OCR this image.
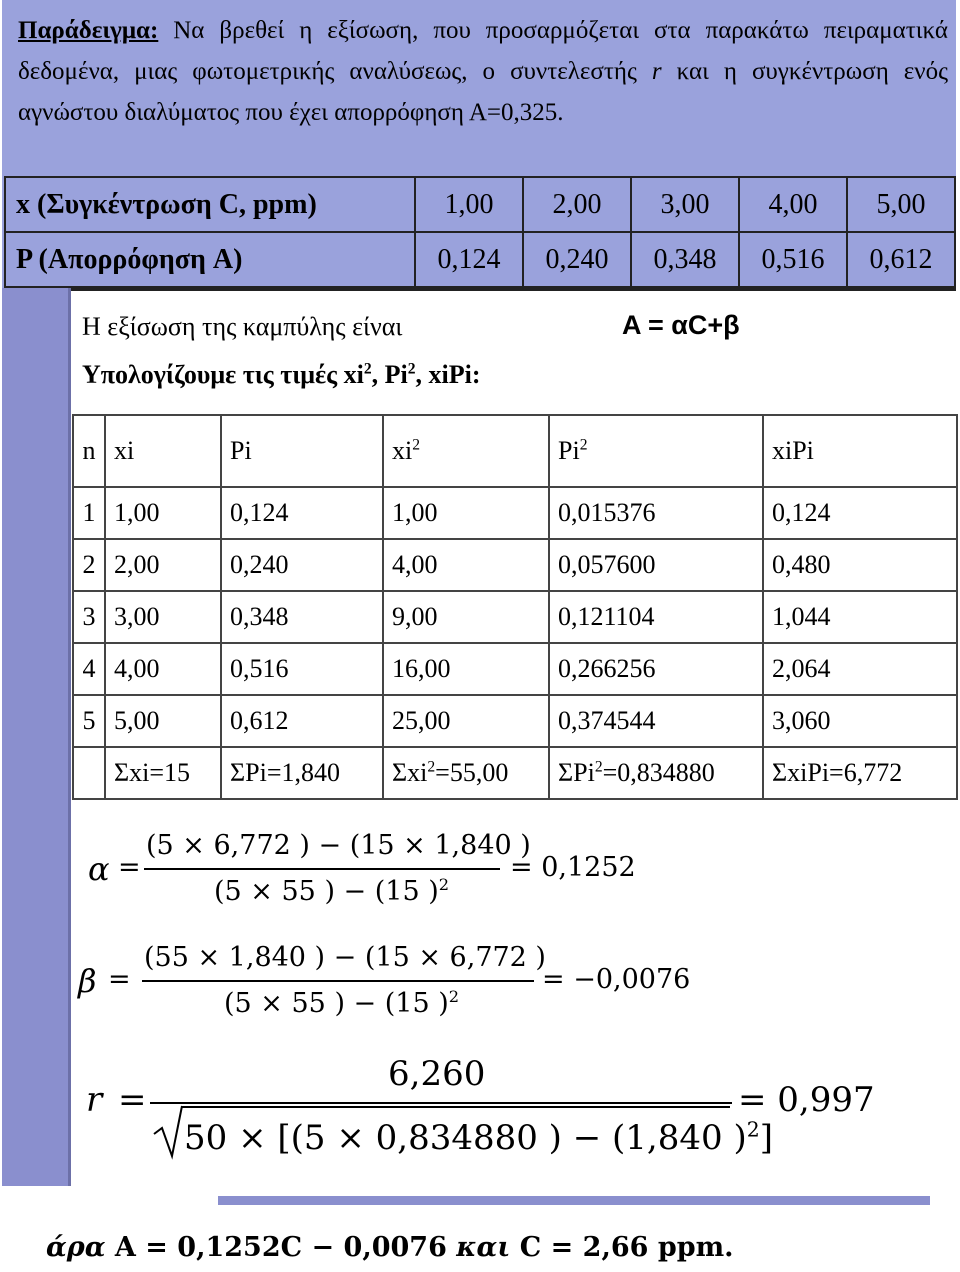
Παράδειγμα: Να βρεθεί η εξίσωση, που προσαρμόζεται στα παρακάτω πειραματικά δεδομένα, μιας φωτομετρικής αναλύσεως, ο συντελεστής r και η συγκέντρωση ενός αγνώστου διαλύματος που έχει απορρόφηση Α=0,325.
x (Συγκέντρωση C, ppm)	1,00	2,00	3,00	4,00	5,00
P (Απορρόφηση A)	0,124	0,240	0,348	0,516	0,612
Η εξίσωση της καμπύλης είναι	A = αC+β
Υπολογίζουμε τις τιμές $xi^2$, Pi$^2$, xiPi:
n	xi	Pi	$xi^2$	Pi$^2$	xiPi
1	1,00	0,124	1,00	0,015376	0,124
2	2,00	0,240	4,00	0,057600	0,480
3	3,00	0,348	9,00	0,121104	1,044
4	4,00	0,516	16,00	0,266256	2,064
5	5,00	0,612	25,00	0,374544	3,060
	Σxi=15	ΣPi=1,840	Σxi$^2$=55,00	ΣPi$^2$=0,834880	ΣxiPi=6,772
α =
(5 × 6,772 ) − (15 × 1,840 )
(5 × 55 ) − (15 )$^2$
= 0,1252
β =
(55 × 1,840 ) − (15 × 6,772 )
(5 × 55 ) − (15 )$^2$
= −0,0076
r =
6,260
50 × [(5 × 0,834880 ) − (1,840 )$^2$]
= 0,997
άρα A = 0,1252C − 0,0076 και C = 2,66 ppm.
